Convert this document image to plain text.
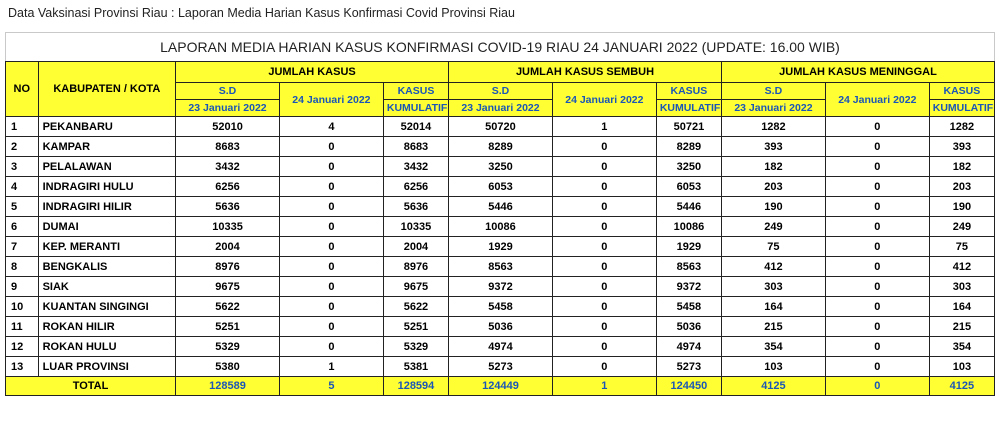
Data Vaksinasi Provinsi Riau : Laporan Media Harian Kasus Konfirmasi Covid Provinsi Riau
LAPORAN MEDIA HARIAN KASUS KONFIRMASI COVID-19 RIAU 24 JANUARI 2022 (UPDATE: 16.00 WIB)
NO	KABUPATEN / KOTA	JUMLAH KASUS			JUMLAH KASUS SEMBUH			JUMLAH KASUS MENINGGAL		
		S.D	24 Januari 2022	KASUS	S.D	24 Januari 2022	KASUS	S.D	24 Januari 2022	KASUS
		23 Januari 2022		KUMULATIF	23 Januari 2022		KUMULATIF	23 Januari 2022		KUMULATIF
1	PEKANBARU	52010	4	52014	50720	1	50721	1282	0	1282
2	KAMPAR	8683	0	8683	8289	0	8289	393	0	393
3	PELALAWAN	3432	0	3432	3250	0	3250	182	0	182
4	INDRAGIRI HULU	6256	0	6256	6053	0	6053	203	0	203
5	INDRAGIRI HILIR	5636	0	5636	5446	0	5446	190	0	190
6	DUMAI	10335	0	10335	10086	0	10086	249	0	249
7	KEP. MERANTI	2004	0	2004	1929	0	1929	75	0	75
8	BENGKALIS	8976	0	8976	8563	0	8563	412	0	412
9	SIAK	9675	0	9675	9372	0	9372	303	0	303
10	KUANTAN SINGINGI	5622	0	5622	5458	0	5458	164	0	164
11	ROKAN HILIR	5251	0	5251	5036	0	5036	215	0	215
12	ROKAN HULU	5329	0	5329	4974	0	4974	354	0	354
13	LUAR PROVINSI	5380	1	5381	5273	0	5273	103	0	103
TOTAL		128589	5	128594	124449	1	124450	4125	0	4125
